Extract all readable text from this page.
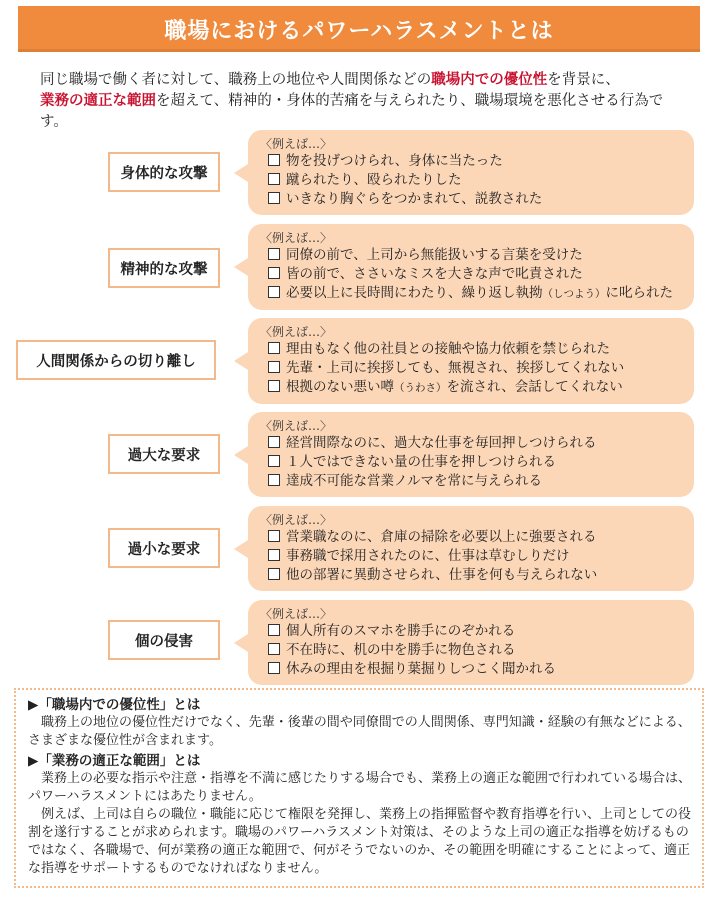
職場におけるパワーハラスメントとは
同じ職場で働く者に対して、職務上の地位や人間関係などの職場内での優位性を背景に、
業務の適正な範囲を超えて、精神的・身体的苦痛を与えられたり、職場環境を悪化させる行為です。
身体的な攻撃
〈例えば…〉
物を投げつけられ、身体に当たった
蹴られたり、殴られたりした
いきなり胸ぐらをつかまれて、説教された
精神的な攻撃
〈例えば…〉
同僚の前で、上司から無能扱いする言葉を受けた
皆の前で、ささいなミスを大きな声で叱責された
必要以上に長時間にわたり、繰り返し執拗（しつよう）に叱られた
人間関係からの切り離し
〈例えば…〉
理由もなく他の社員との接触や協力依頼を禁じられた
先輩・上司に挨拶しても、無視され、挨拶してくれない
根拠のない悪い噂（うわさ）を流され、会話してくれない
過大な要求
〈例えば…〉
経営間際なのに、過大な仕事を毎回押しつけられる
１人ではできない量の仕事を押しつけられる
達成不可能な営業ノルマを常に与えられる
過小な要求
〈例えば…〉
営業職なのに、倉庫の掃除を必要以上に強要される
事務職で採用されたのに、仕事は草むしりだけ
他の部署に異動させられ、仕事を何も与えられない
個の侵害
〈例えば…〉
個人所有のスマホを勝手にのぞかれる
不在時に、机の中を勝手に物色される
休みの理由を根掘り葉掘りしつこく聞かれる
▶「職場内での優位性」とは

職務上の地位の優位性だけでなく、先輩・後輩の間や同僚間での人間関係、専門知識・経験の有無などによる、さまざまな優位性が含まれます。

▶「業務の適正な範囲」とは

業務上の必要な指示や注意・指導を不満に感じたりする場合でも、業務上の適正な範囲で行われている場合は、パワーハラスメントにはあたりません。

例えば、上司は自らの職位・職能に応じて権限を発揮し、業務上の指揮監督や教育指導を行い、上司としての役割を遂行することが求められます。職場のパワーハラスメント対策は、そのような上司の適正な指導を妨げるものではなく、各職場で、何が業務の適正な範囲で、何がそうでないのか、その範囲を明確にすることによって、適正な指導をサポートするものでなければなりません。
